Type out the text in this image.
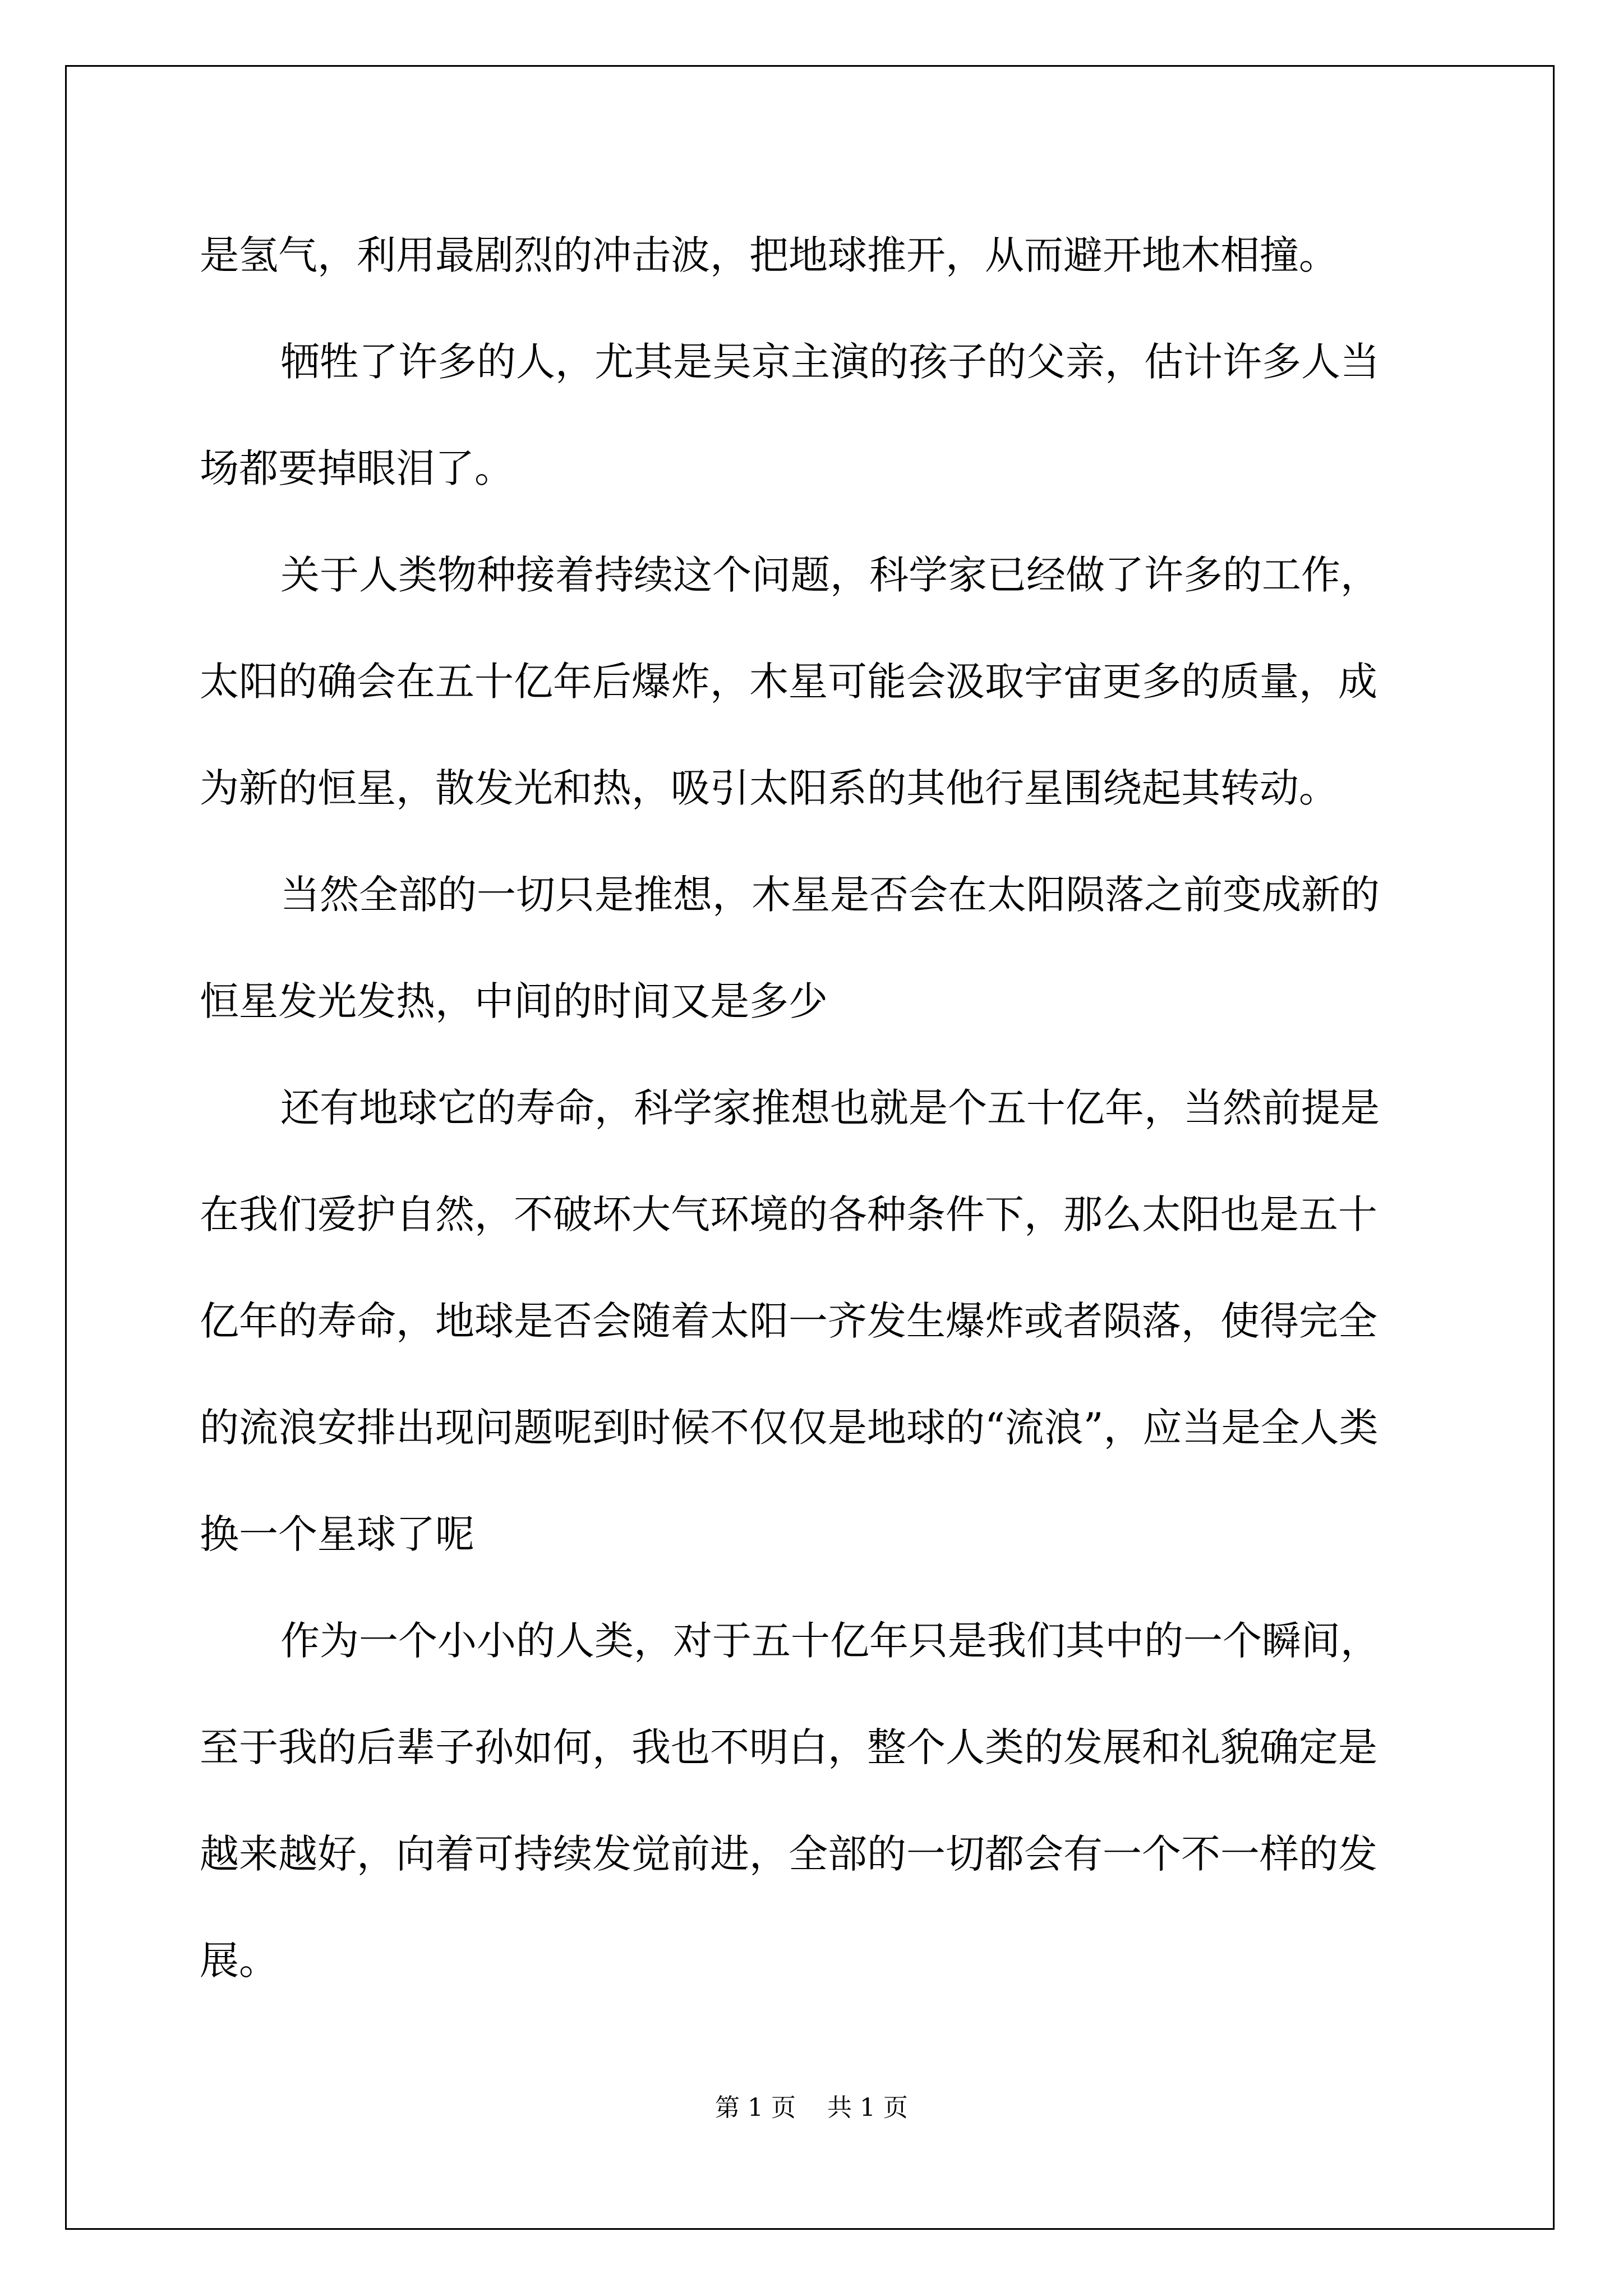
是氢气，利用最剧烈的冲击波，把地球推开，从而避开地木相撞。
牺牲了许多的人，尤其是吴京主演的孩子的父亲，估计许多人当
场都要掉眼泪了。
关于人类物种接着持续这个问题，科学家已经做了许多的工作，
太阳的确会在五十亿年后爆炸，木星可能会汲取宇宙更多的质量，成
为新的恒星，散发光和热，吸引太阳系的其他行星围绕起其转动。
当然全部的一切只是推想，木星是否会在太阳陨落之前变成新的
恒星发光发热，中间的时间又是多少
还有地球它的寿命，科学家推想也就是个五十亿年，当然前提是
在我们爱护自然，不破坏大气环境的各种条件下，那么太阳也是五十
亿年的寿命，地球是否会随着太阳一齐发生爆炸或者陨落，使得完全
的流浪安排出现问题呢到时候不仅仅是地球的“流浪”，应当是全人类
换一个星球了呢
作为一个小小的人类，对于五十亿年只是我们其中的一个瞬间，
至于我的后辈子孙如何，我也不明白，整个人类的发展和礼貌确定是
越来越好，向着可持续发觉前进，全部的一切都会有一个不一样的发
展。
第 1 页 共 1 页
